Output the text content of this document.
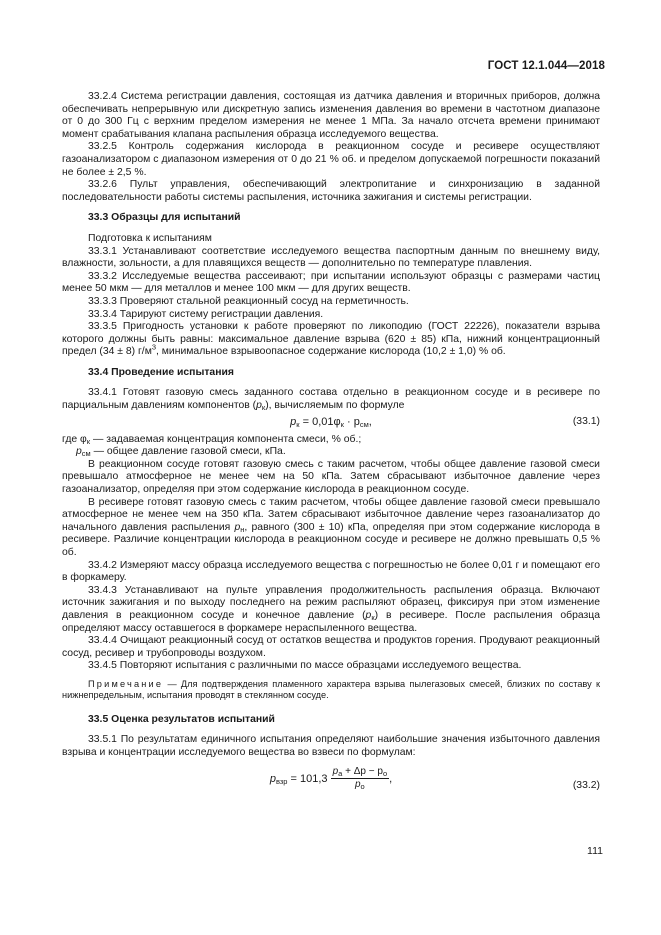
ГОСТ 12.1.044—2018

33.2.4 Система регистрации давления, состоящая из датчика давления и вторичных приборов, должна обеспечивать непрерывную или дискретную запись изменения давления во времени в частотном диапазоне от 0 до 300 Гц с верхним пределом измерения не менее 1 МПа. За начало отсчета времени принимают момент срабатывания клапана распыления образца исследуемого вещества.

33.2.5 Контроль содержания кислорода в реакционном сосуде и ресивере осуществляют газоанализатором с диапазоном измерения от 0 до 21 % об. и пределом допускаемой погрешности показаний не более ± 2,5 %.

33.2.6 Пульт управления, обеспечивающий электропитание и синхронизацию в заданной последовательности работы системы распыления, источника зажигания и системы регистрации.

33.3 Образцы для испытаний

Подготовка к испытаниям

33.3.1 Устанавливают соответствие исследуемого вещества паспортным данным по внешнему виду, влажности, зольности, а для плавящихся веществ — дополнительно по температуре плавления.

33.3.2 Исследуемые вещества рассеивают; при испытании используют образцы с размерами частиц менее 50 мкм — для металлов и менее 100 мкм — для других веществ.

33.3.3 Проверяют стальной реакционный сосуд на герметичность.

33.3.4 Тарируют систему регистрации давления.

33.3.5 Пригодность установки к работе проверяют по ликоподию (ГОСТ 22226), показатели взрыва которого должны быть равны: максимальное давление взрыва (620 ± 85) кПа, нижний концентрационный предел (34 ± 8) $г/м^3$, минимальное взрывоопасное содержание кислорода (10,2 ± 1,0) % об.

33.4 Проведение испытания

33.4.1 Готовят газовую смесь заданного состава отдельно в реакционном сосуде и в ресивере по парциальным давлениям компонентов $(p_к)$, вычисляемым по формуле

$p_к = 0,01\varphi_к \cdot p_{см}$,	(33.1)

где $\varphi_к$ — задаваемая концентрация компонента смеси, % об.;

$p_{см}$ — общее давление газовой смеси, кПа.

В реакционном сосуде готовят газовую смесь с таким расчетом, чтобы общее давление газовой смеси превышало атмосферное не менее чем на 50 кПа. Затем сбрасывают избыточное давление через газоанализатор, определяя при этом содержание кислорода в реакционном сосуде.

В ресивере готовят газовую смесь с таким расчетом, чтобы общее давление газовой смеси превышало атмосферное не менее чем на 350 кПа. Затем сбрасывают избыточное давление через газоанализатор до начального давления распыления $p_н$, равного (300 ± 10) кПа, определяя при этом содержание кислорода в ресивере. Различие концентрации кислорода в реакционном сосуде и ресивере не должно превышать 0,5 % об.

33.4.2 Измеряют массу образца исследуемого вещества с погрешностью не более 0,01 г и помещают его в форкамеру.

33.4.3 Устанавливают на пульте управления продолжительность распыления образца. Включают источник зажигания и по выходу последнего на режим распыляют образец, фиксируя при этом изменение давления в реакционном сосуде и конечное давление $(p_к)$ в ресивере. После распыления образца определяют массу оставшегося в форкамере нераспыленного вещества.

33.4.4 Очищают реакционный сосуд от остатков вещества и продуктов горения. Продувают реакционный сосуд, ресивер и трубопроводы воздухом.

33.4.5 Повторяют испытания с различными по массе образцами исследуемого вещества.

Примечание — Для подтверждения пламенного характера взрыва пылегазовых смесей, близких по составу к нижнепредельным, испытания проводят в стеклянном сосуде.

33.5 Оценка результатов испытаний

33.5.1 По результатам единичного испытания определяют наибольшие значения избыточного давления взрыва и концентрации исследуемого вещества во взвеси по формулам:

$p_{взр} = 101,3$ $p_а + \Delta p - p_о$
$p_о$,
(33.2)
111
